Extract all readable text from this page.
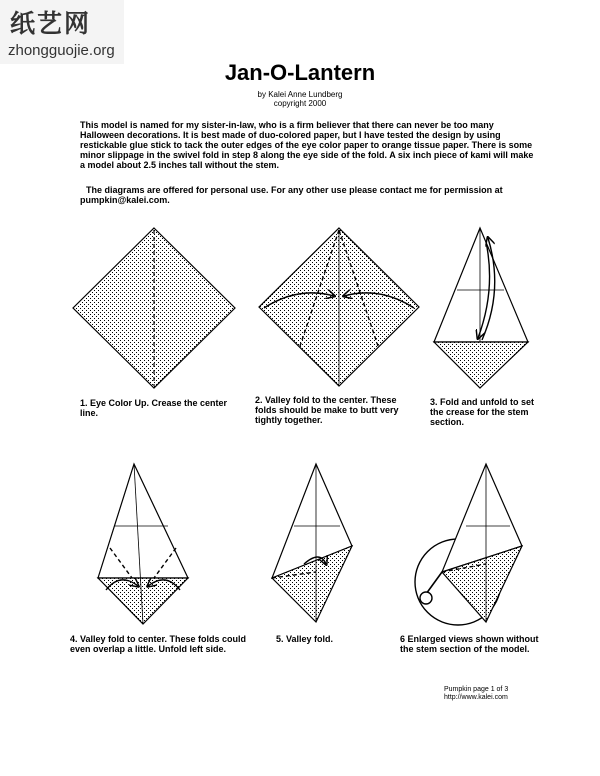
纸艺网
zhongguojie.org
Jan-O-Lantern
by Kalei Anne Lundberg
copyright 2000
This model is named for my sister-in-law, who is a firm believer that there can never be too many Halloween decorations. It is best made of duo-colored paper, but I have tested the design by using restickable glue stick to tack the outer edges of the eye color paper to orange tissue paper. There is some minor slippage in the swivel fold in step 8 along the eye side of the fold. A six inch piece of kami will make a model about 2.5 inches tall without the stem.
The diagrams are offered for personal use. For any other use please contact me for permission at pumpkin@kalei.com.
1. Eye Color Up. Crease the center line.
2. Valley fold to the center. These folds should be make to butt very tightly together.
3. Fold and unfold to set the crease for the stem section.
4. Valley fold to center. These folds could even overlap a little. Unfold left side.
5. Valley fold.	6 Enlarged views shown without the stem section of the model.
Pumpkin page 1 of 3
http://www.kalei.com
